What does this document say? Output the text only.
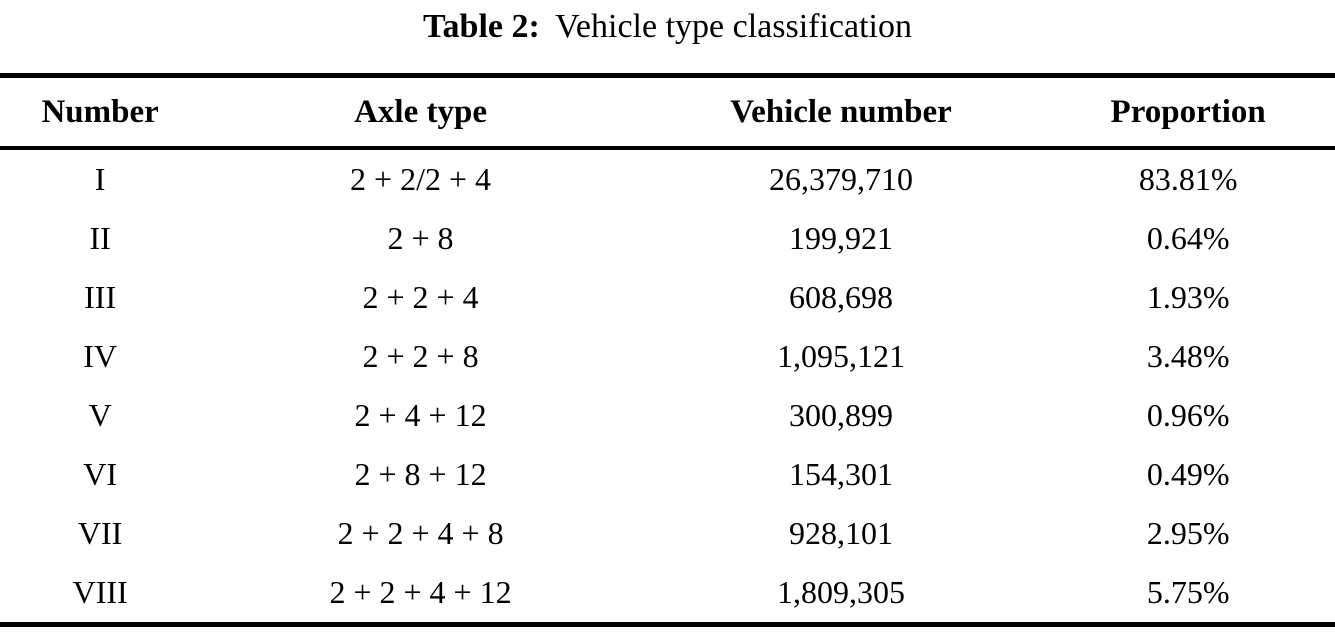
Table 2: Vehicle type classification
Number	Axle type	Vehicle number	Proportion
I	2 + 2/2 + 4	26,379,710	83.81%
II	2 + 8	199,921	0.64%
III	2 + 2 + 4	608,698	1.93%
IV	2 + 2 + 8	1,095,121	3.48%
V	2 + 4 + 12	300,899	0.96%
VI	2 + 8 + 12	154,301	0.49%
VII	2 + 2 + 4 + 8	928,101	2.95%
VIII	2 + 2 + 4 + 12	1,809,305	5.75%
